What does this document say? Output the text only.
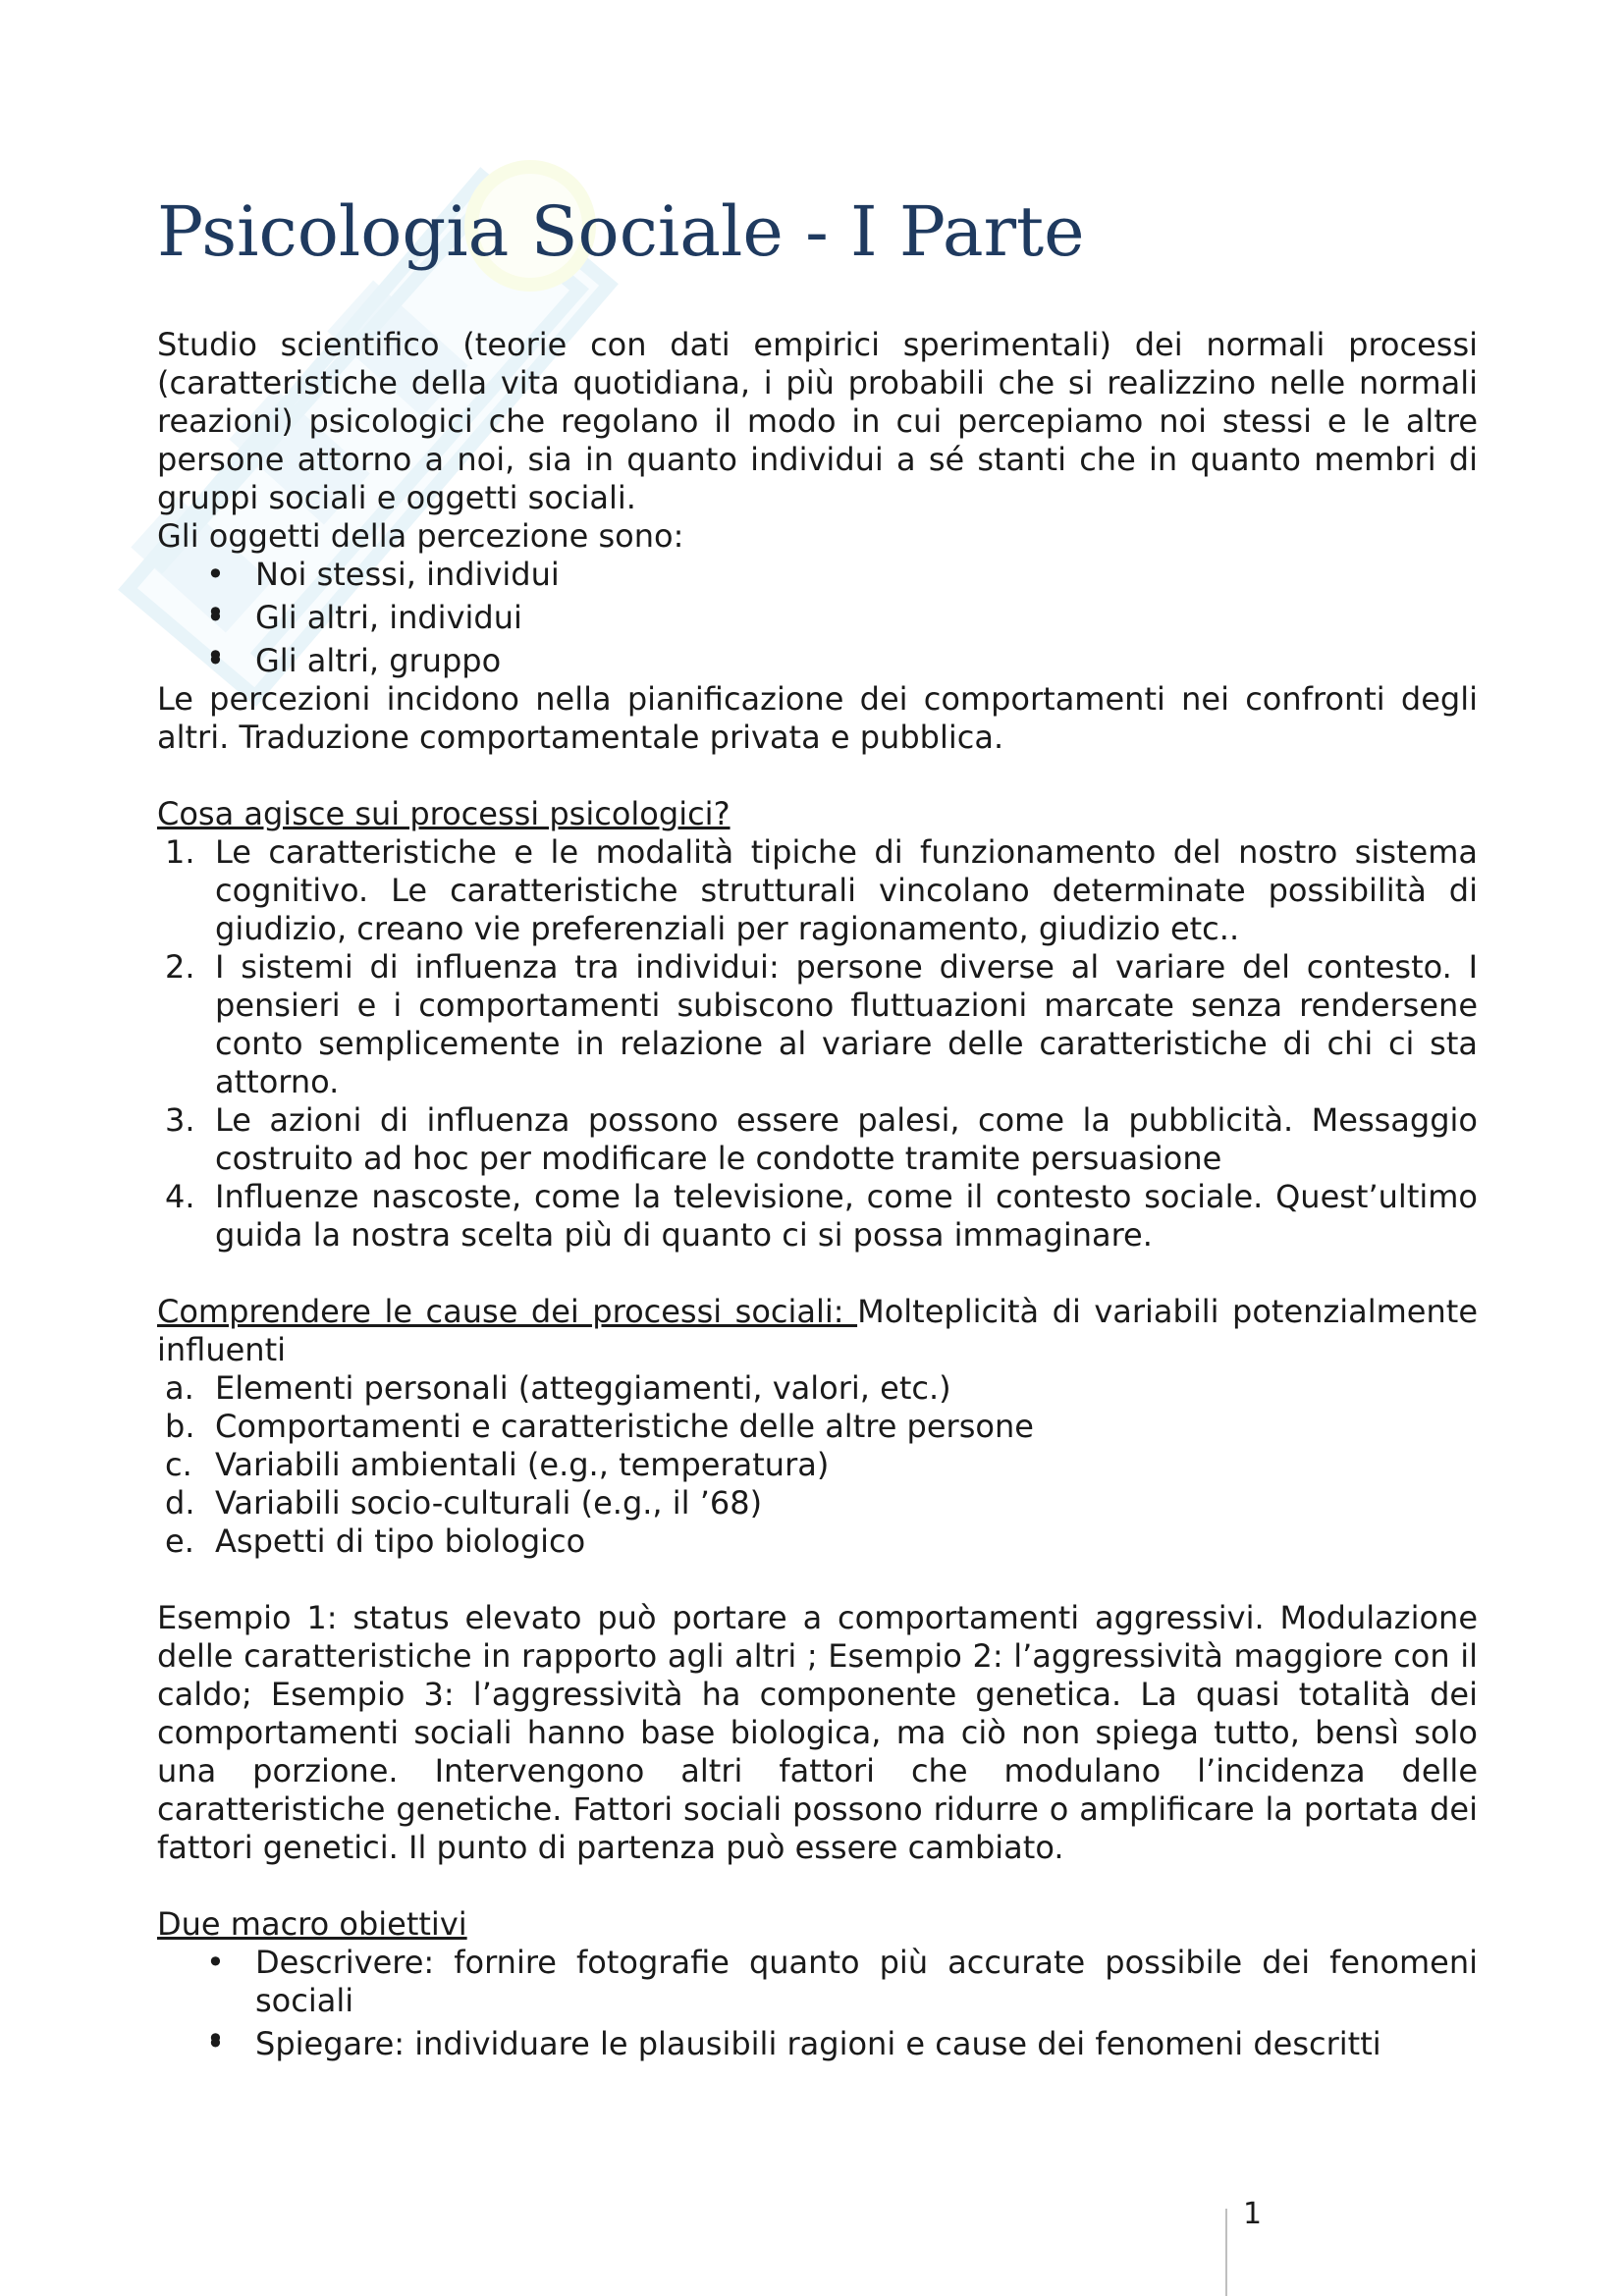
Psicologia Sociale - I Parte

Studio scientifico (teorie con dati empirici sperimentali) dei normali processi (caratteristiche della vita quotidiana, i più probabili che si realizzino nelle normali reazioni) psicologici che regolano il modo in cui percepiamo noi stessi e le altre persone attorno a noi, sia in quanto individui a sé stanti che in quanto membri di gruppi sociali e oggetti sociali.

Gli oggetti della percezione sono:

• Noi stessi, individui
•
• Gli altri, individui
•
• Gli altri, gruppo

Le percezioni incidono nella pianificazione dei comportamenti nei confronti degli altri. Traduzione comportamentale privata e pubblica.

Cosa agisce sui processi psicologici?

1. Le caratteristiche e le modalità tipiche di funzionamento del nostro sistema cognitivo. Le caratteristiche strutturali vincolano determinate possibilità di giudizio, creano vie preferenziali per ragionamento, giudizio etc..
2. I sistemi di influenza tra individui: persone diverse al variare del contesto. I pensieri e i comportamenti subiscono fluttuazioni marcate senza rendersene conto semplicemente in relazione al variare delle caratteristiche di chi ci sta attorno.
3. Le azioni di influenza possono essere palesi, come la pubblicità. Messaggio costruito ad hoc per modificare le condotte tramite persuasione
4. Influenze nascoste, come la televisione, come il contesto sociale. Quest’ultimo guida la nostra scelta più di quanto ci si possa immaginare.

Comprendere le cause dei processi sociali: Molteplicità di variabili potenzialmente influenti

a. Elementi personali (atteggiamenti, valori, etc.)
b. Comportamenti e caratteristiche delle altre persone
c. Variabili ambientali (e.g., temperatura)
d. Variabili socio-culturali (e.g., il ’68)
e. Aspetti di tipo biologico

Esempio 1: status elevato può portare a comportamenti aggressivi. Modulazione delle caratteristiche in rapporto agli altri ; Esempio 2: l’aggressività maggiore con il caldo; Esempio 3: l’aggressività ha componente genetica. La quasi totalità dei comportamenti sociali hanno base biologica, ma ciò non spiega tutto, bensì solo una porzione. Intervengono altri fattori che modulano l’incidenza delle caratteristiche genetiche. Fattori sociali possono ridurre o amplificare la portata dei fattori genetici. Il punto di partenza può essere cambiato.

Due macro obiettivi

• Descrivere: fornire fotografie quanto più accurate possibile dei fenomeni sociali
•
• Spiegare: individuare le plausibili ragioni e cause dei fenomeni descritti
1
